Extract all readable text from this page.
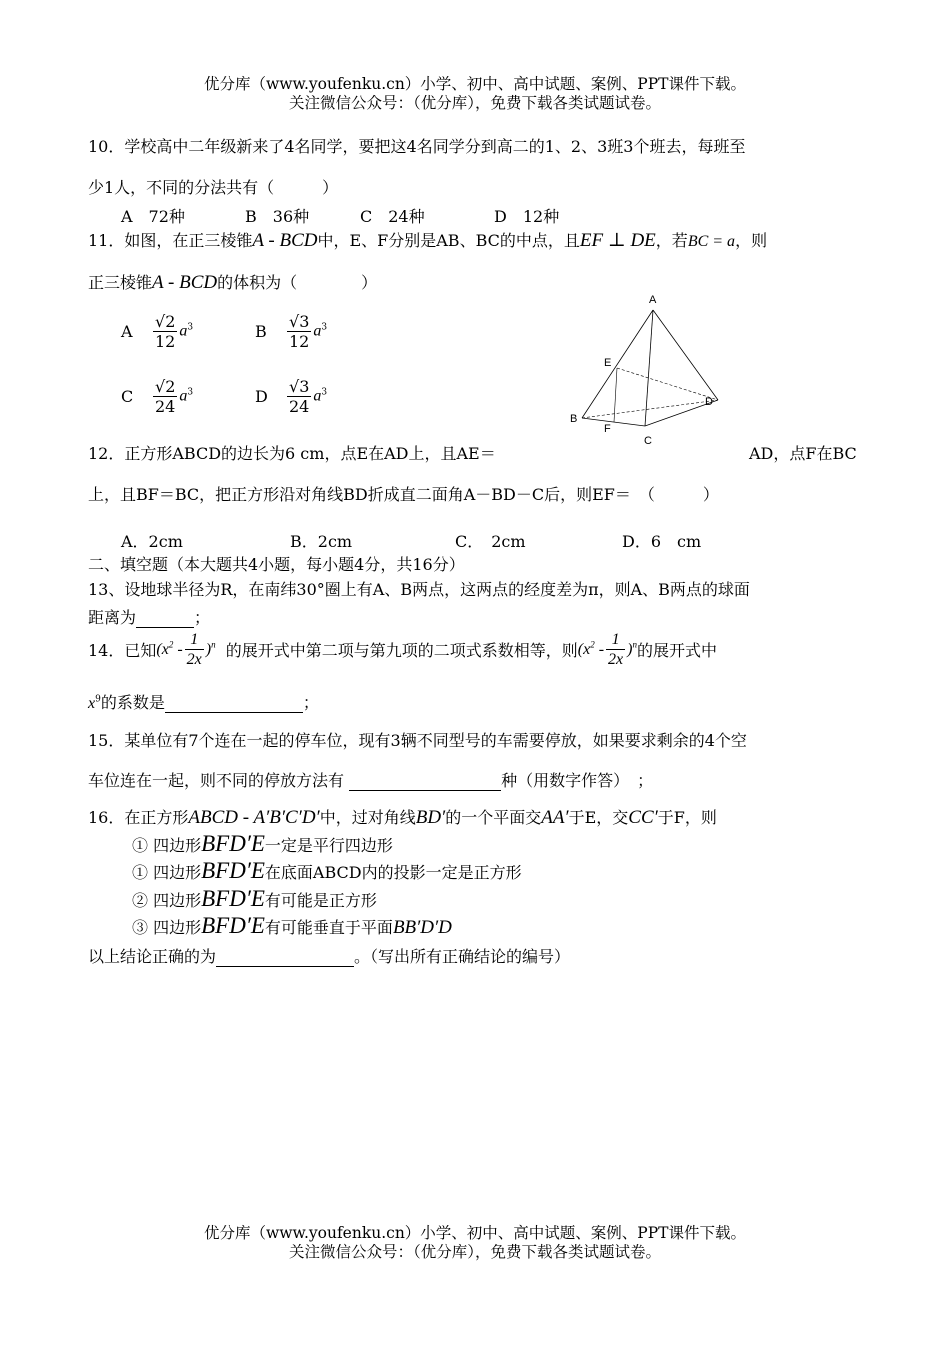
优分库（www.youfenku.cn）小学、初中、高中试题、案例、PPT课件下载。
关注微信公众号：（优分库），免费下载各类试题试卷。
10．学校高中二年级新来了4名同学，要把这4名同学分到高二的1、2、3班3个班去，每班至
少1人，不同的分法共有（　　　）
A　72种	B　36种	C　24种	D　12种
11．如图，在正三棱锥A - BCD中，E、F分别是AB、BC的中点，且EF ⊥ DE，若BC = a，则
正三棱锥A - BCD的体积为（　　　　）
A $\frac{√2}{12} a^3$	B $\frac{√3}{12} a^3$
C $\frac{√2}{24} a^3$	D $\frac{√3}{24} a^3$
A
E
D
B
F
C
12．正方形ABCD的边长为6 cm，点E在AD上，且AE＝	AD，点F在BC
上，且BF＝BC，把正方形沿对角线BD折成直二面角A－BD－C后，则EF＝　（　　　）
A．2cm	B．2cm	C．　2cm	D．6　cm
二、填空题（本大题共4小题，每小题4分，共16分）
13、设地球半径为R，在南纬30°圈上有A、B两点，这两点的经度差为π，则A、B两点的球面
距离为	；
14．已知$(x^2 - \frac{1}{2x} )^n$ 的展开式中第二项与第九项的二项式系数相等，则$(x^2 - \frac{1}{2x} )^n$的展开式中
$x^9$的系数是	；
15．某单位有7个连在一起的停车位，现有3辆不同型号的车需要停放，如果要求剩余的4个空
车位连在一起，则不同的停放方法有	种（用数字作答）　；
16．在正方形ABCD - A′B′C′D′中，过对角线BD′的一个平面交AA′于E，交CC′于F，则
① 四边形BFD′E一定是平行四边形
① 四边形BFD′E在底面ABCD内的投影一定是正方形
② 四边形BFD′E有可能是正方形
③ 四边形BFD′E有可能垂直于平面BB′D′D
以上结论正确的为	。（写出所有正确结论的编号）
优分库（www.youfenku.cn）小学、初中、高中试题、案例、PPT课件下载。
关注微信公众号：（优分库），免费下载各类试题试卷。
